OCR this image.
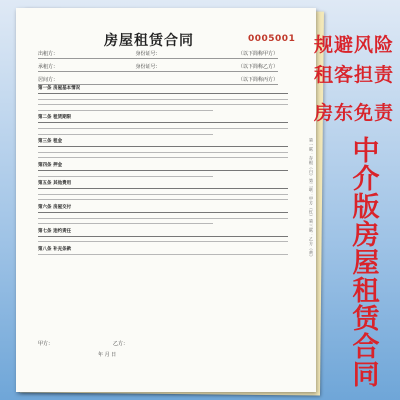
房屋租赁合同	0005001
出租方：	身份证号：	（以下简称甲方）
承租方：	身份证号：	（以下简称乙方）
居间方：	（以下简称丙方）
第一条 房屋基本情况
第二条 租赁期限
第三条 租金
第四条 押金
第五条 其他费用
第六条 房屋交付
第七条 违约责任
第八条 补充条款	第一联：存根（白）第二联：甲方（红）第三联：乙方（黄）
甲方：	乙方：
年 月 日
规避风险
租客担责
房东免责
中
介
版
房
屋
租
赁
合
同
